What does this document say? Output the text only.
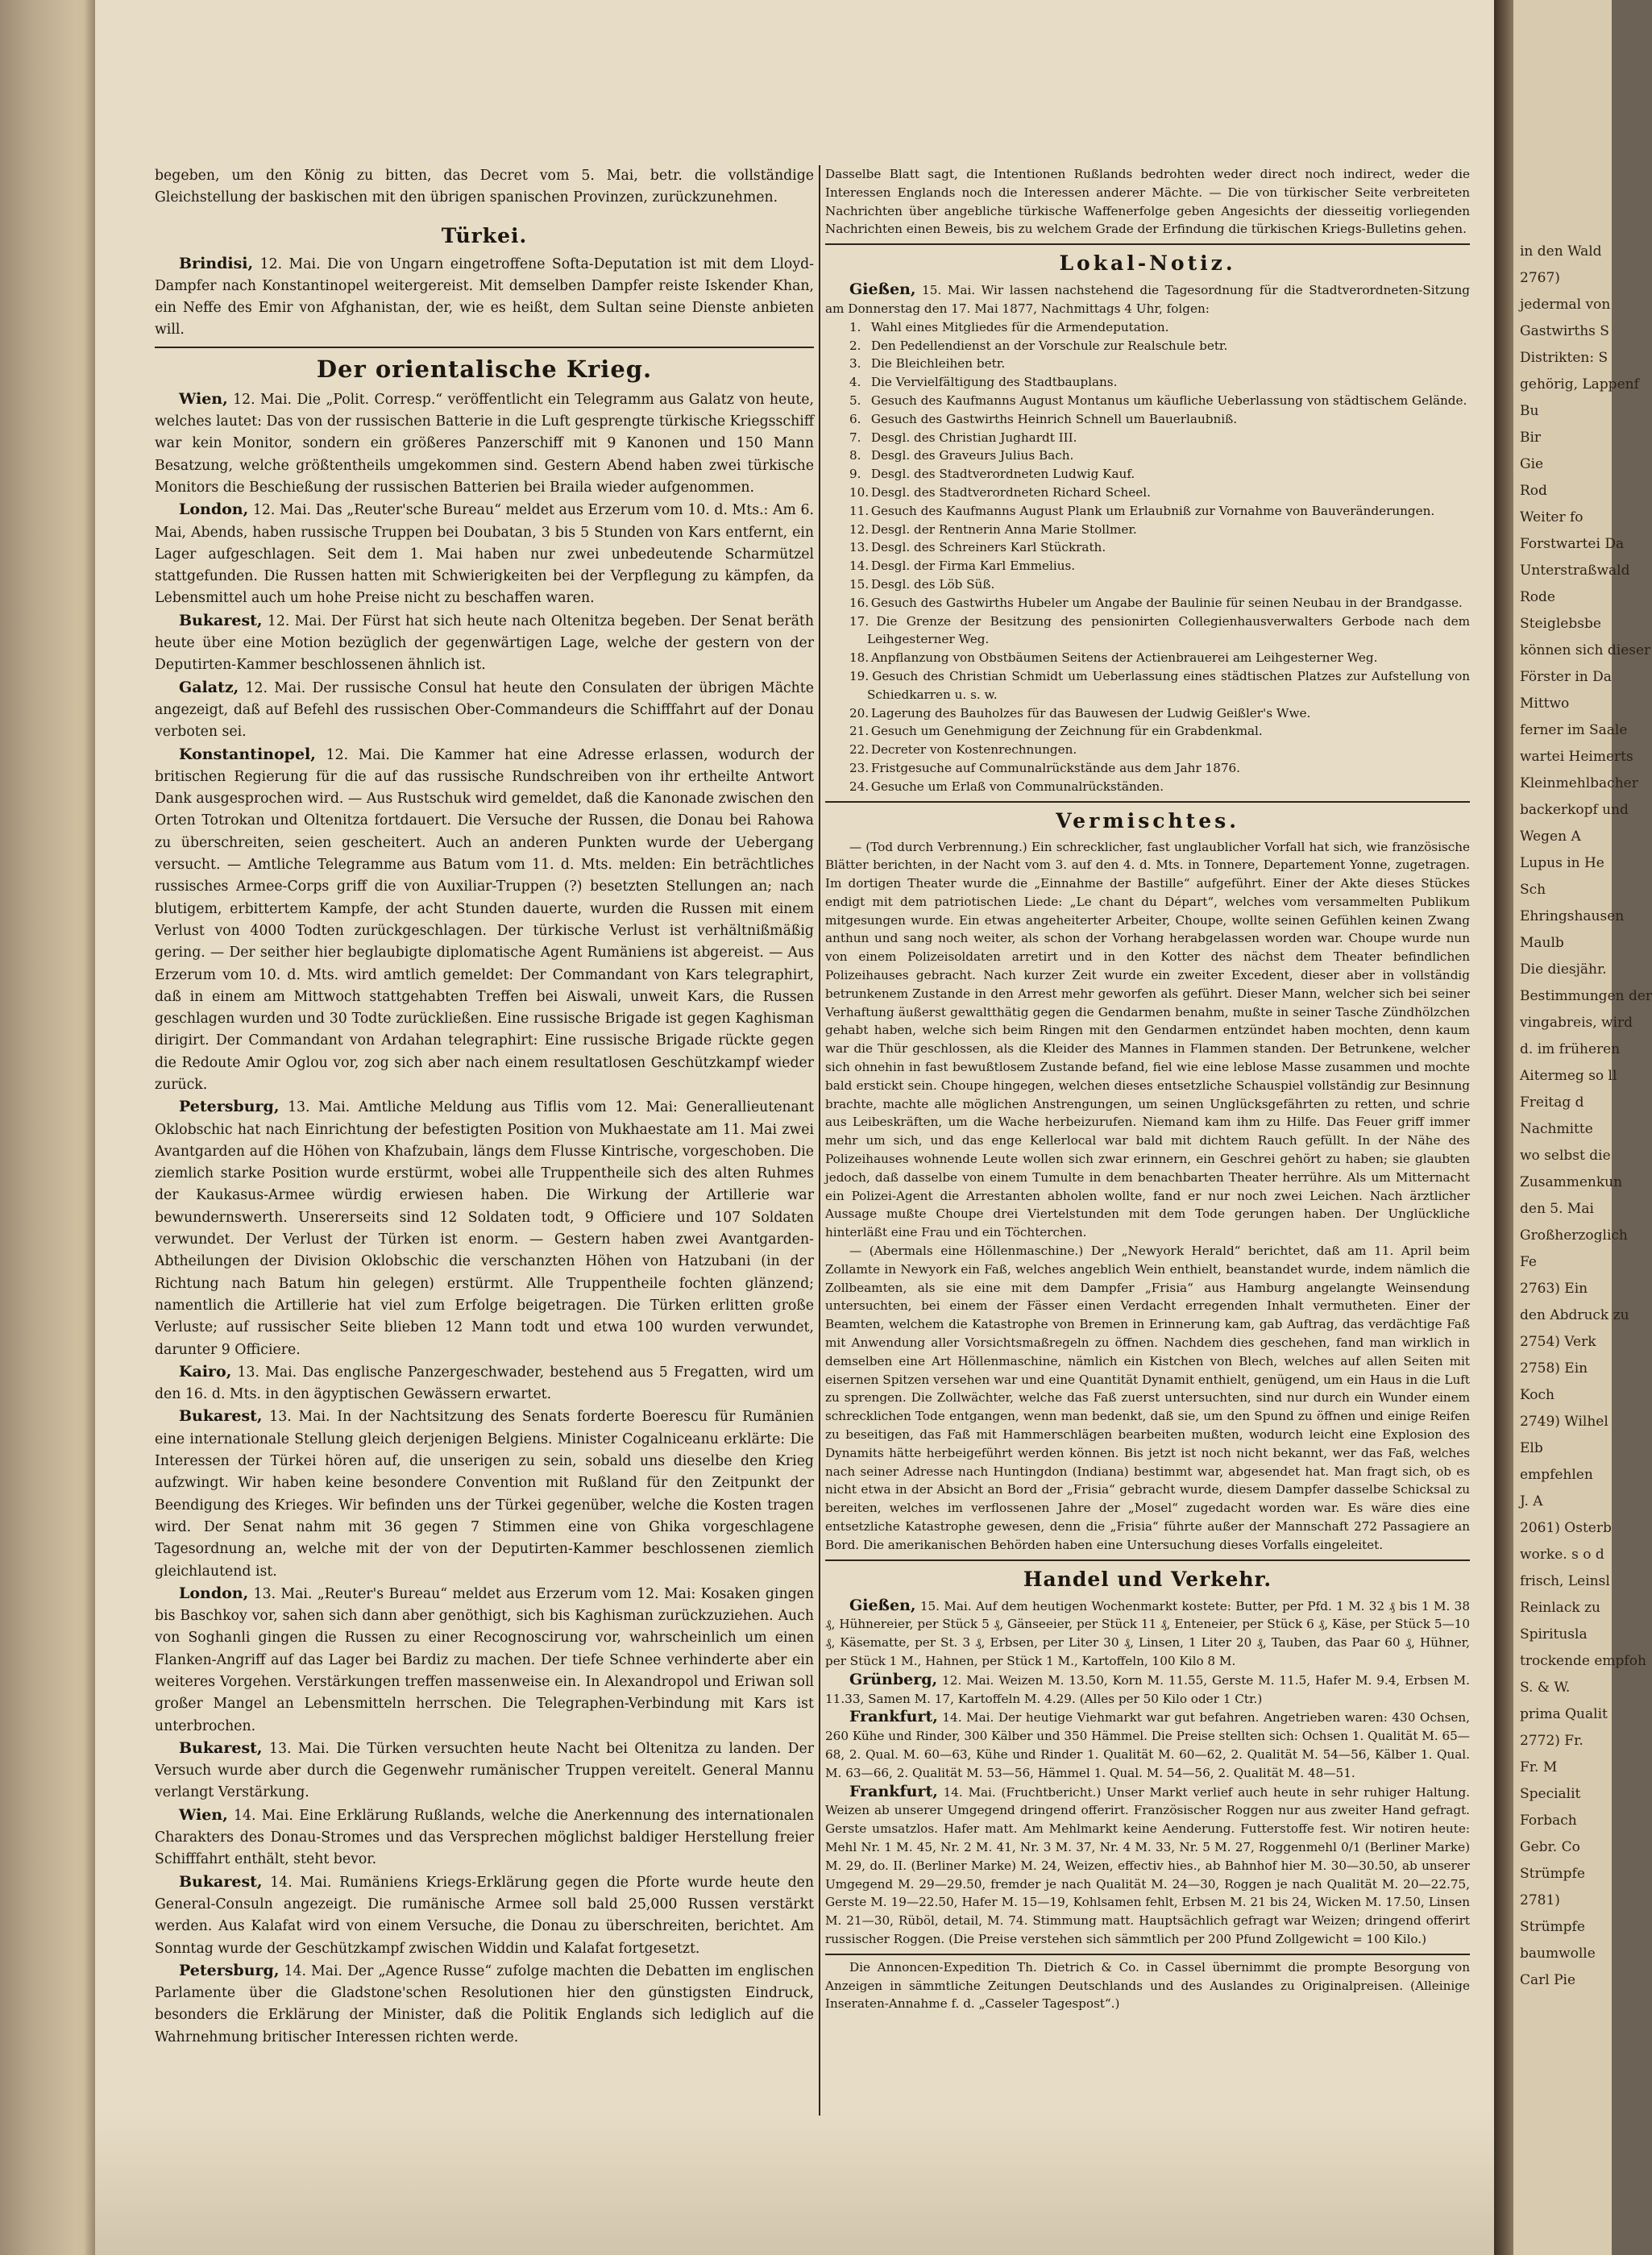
in den Wald
2767)
jedermal von
Gastwirths S
Distrikten: S
gehörig, Lappenf
Bu
Bir
Gie
Rod
Weiter fo
Forstwartei Da
Unterstraßwald
Rode
Steiglebsbe
können sich dieser
Förster in Da
Mittwo
ferner im Saale
wartei Heimerts
Kleinmehlbacher
backerkopf und
Wegen A
Lupus in He
Sch
Ehringshausen
Maulb
Die diesjähr.
Bestimmungen der
vingabreis, wird
d. im früheren
Aitermeg so ll
Freitag d
Nachmitte
wo selbst die
Zusammenkun
den 5. Mai
Großherzoglich
Fe
2763) Ein
den Abdruck zu
2754) Verk
2758) Ein
Koch
2749) Wilhel
Elb
empfehlen
J. A
2061) Osterb
worke. s o d
frisch, Leinsl
Reinlack zu
Spiritusla
trockende empfoh
S. & W.
prima Qualit
2772) Fr.
Fr. M
Specialit
Forbach
Gebr. Co
Strümpfe
2781)
Strümpfe
baumwolle
Carl Pie

begeben, um den König zu bitten, das Decret vom 5. Mai, betr. die vollständige Gleichstellung der baskischen mit den übrigen spanischen Provinzen, zurückzunehmen.

Türkei.

Brindisi, 12. Mai. Die von Ungarn eingetroffene Softa-Deputation ist mit dem Lloyd-Dampfer nach Konstantinopel weitergereist. Mit demselben Dampfer reiste Iskender Khan, ein Neffe des Emir von Afghanistan, der, wie es heißt, dem Sultan seine Dienste anbieten will.

Der orientalische Krieg.

Wien, 12. Mai. Die „Polit. Corresp.“ veröffentlicht ein Telegramm aus Galatz von heute, welches lautet: Das von der russischen Batterie in die Luft gesprengte türkische Kriegsschiff war kein Monitor, sondern ein größeres Panzerschiff mit 9 Kanonen und 150 Mann Besatzung, welche größtentheils umgekommen sind. Gestern Abend haben zwei türkische Monitors die Beschießung der russischen Batterien bei Braila wieder aufgenommen.

London, 12. Mai. Das „Reuter'sche Bureau“ meldet aus Erzerum vom 10. d. Mts.: Am 6. Mai, Abends, haben russische Truppen bei Doubatan, 3 bis 5 Stunden von Kars entfernt, ein Lager aufgeschlagen. Seit dem 1. Mai haben nur zwei unbedeutende Scharmützel stattgefunden. Die Russen hatten mit Schwierigkeiten bei der Verpflegung zu kämpfen, da Lebensmittel auch um hohe Preise nicht zu beschaffen waren.

Bukarest, 12. Mai. Der Fürst hat sich heute nach Oltenitza begeben. Der Senat beräth heute über eine Motion bezüglich der gegenwärtigen Lage, welche der gestern von der Deputirten-Kammer beschlossenen ähnlich ist.

Galatz, 12. Mai. Der russische Consul hat heute den Consulaten der übrigen Mächte angezeigt, daß auf Befehl des russischen Ober-Commandeurs die Schifffahrt auf der Donau verboten sei.

Konstantinopel, 12. Mai. Die Kammer hat eine Adresse erlassen, wodurch der britischen Regierung für die auf das russische Rundschreiben von ihr ertheilte Antwort Dank ausgesprochen wird. — Aus Rustschuk wird gemeldet, daß die Kanonade zwischen den Orten Totrokan und Oltenitza fortdauert. Die Versuche der Russen, die Donau bei Rahowa zu überschreiten, seien gescheitert. Auch an anderen Punkten wurde der Uebergang versucht. — Amtliche Telegramme aus Batum vom 11. d. Mts. melden: Ein beträchtliches russisches Armee-Corps griff die von Auxiliar-Truppen (?) besetzten Stellungen an; nach blutigem, erbittertem Kampfe, der acht Stunden dauerte, wurden die Russen mit einem Verlust von 4000 Todten zurückgeschlagen. Der türkische Verlust ist verhältnißmäßig gering. — Der seither hier beglaubigte diplomatische Agent Rumäniens ist abgereist. — Aus Erzerum vom 10. d. Mts. wird amtlich gemeldet: Der Commandant von Kars telegraphirt, daß in einem am Mittwoch stattgehabten Treffen bei Aiswali, unweit Kars, die Russen geschlagen wurden und 30 Todte zurückließen. Eine russische Brigade ist gegen Kaghisman dirigirt. Der Commandant von Ardahan telegraphirt: Eine russische Brigade rückte gegen die Redoute Amir Oglou vor, zog sich aber nach einem resultatlosen Geschützkampf wieder zurück.

Petersburg, 13. Mai. Amtliche Meldung aus Tiflis vom 12. Mai: Generallieutenant Oklobschic hat nach Einrichtung der befestigten Position von Mukhaestate am 11. Mai zwei Avantgarden auf die Höhen von Khafzubain, längs dem Flusse Kintrische, vorgeschoben. Die ziemlich starke Position wurde erstürmt, wobei alle Truppentheile sich des alten Ruhmes der Kaukasus-Armee würdig erwiesen haben. Die Wirkung der Artillerie war bewundernswerth. Unsererseits sind 12 Soldaten todt, 9 Officiere und 107 Soldaten verwundet. Der Verlust der Türken ist enorm. — Gestern haben zwei Avantgarden-Abtheilungen der Division Oklobschic die verschanzten Höhen von Hatzubani (in der Richtung nach Batum hin gelegen) erstürmt. Alle Truppentheile fochten glänzend; namentlich die Artillerie hat viel zum Erfolge beigetragen. Die Türken erlitten große Verluste; auf russischer Seite blieben 12 Mann todt und etwa 100 wurden verwundet, darunter 9 Officiere.

Kairo, 13. Mai. Das englische Panzergeschwader, bestehend aus 5 Fregatten, wird um den 16. d. Mts. in den ägyptischen Gewässern erwartet.

Bukarest, 13. Mai. In der Nachtsitzung des Senats forderte Boerescu für Rumänien eine internationale Stellung gleich derjenigen Belgiens. Minister Cogalniceanu erklärte: Die Interessen der Türkei hören auf, die unserigen zu sein, sobald uns dieselbe den Krieg aufzwingt. Wir haben keine besondere Convention mit Rußland für den Zeitpunkt der Beendigung des Krieges. Wir befinden uns der Türkei gegenüber, welche die Kosten tragen wird. Der Senat nahm mit 36 gegen 7 Stimmen eine von Ghika vorgeschlagene Tagesordnung an, welche mit der von der Deputirten-Kammer beschlossenen ziemlich gleichlautend ist.

London, 13. Mai. „Reuter's Bureau“ meldet aus Erzerum vom 12. Mai: Kosaken gingen bis Baschkoy vor, sahen sich dann aber genöthigt, sich bis Kaghisman zurückzuziehen. Auch von Soghanli gingen die Russen zu einer Recognoscirung vor, wahrscheinlich um einen Flanken-Angriff auf das Lager bei Bardiz zu machen. Der tiefe Schnee verhinderte aber ein weiteres Vorgehen. Verstärkungen treffen massenweise ein. In Alexandropol und Eriwan soll großer Mangel an Lebensmitteln herrschen. Die Telegraphen-Verbindung mit Kars ist unterbrochen.

Bukarest, 13. Mai. Die Türken versuchten heute Nacht bei Oltenitza zu landen. Der Versuch wurde aber durch die Gegenwehr rumänischer Truppen vereitelt. General Mannu verlangt Verstärkung.

Wien, 14. Mai. Eine Erklärung Rußlands, welche die Anerkennung des internationalen Charakters des Donau-Stromes und das Versprechen möglichst baldiger Herstellung freier Schifffahrt enthält, steht bevor.

Bukarest, 14. Mai. Rumäniens Kriegs-Erklärung gegen die Pforte wurde heute den General-Consuln angezeigt. Die rumänische Armee soll bald 25,000 Russen verstärkt werden. Aus Kalafat wird von einem Versuche, die Donau zu überschreiten, berichtet. Am Sonntag wurde der Geschützkampf zwischen Widdin und Kalafat fortgesetzt.

Petersburg, 14. Mai. Der „Agence Russe“ zufolge machten die Debatten im englischen Parlamente über die Gladstone'schen Resolutionen hier den günstigsten Eindruck, besonders die Erklärung der Minister, daß die Politik Englands sich lediglich auf die Wahrnehmung britischer Interessen richten werde.

Dasselbe Blatt sagt, die Intentionen Rußlands bedrohten weder direct noch indirect, weder die Interessen Englands noch die Interessen anderer Mächte. — Die von türkischer Seite verbreiteten Nachrichten über angebliche türkische Waffenerfolge geben Angesichts der diesseitig vorliegenden Nachrichten einen Beweis, bis zu welchem Grade der Erfindung die türkischen Kriegs-Bulletins gehen.

Lokal-Notiz.

Gießen, 15. Mai. Wir lassen nachstehend die Tagesordnung für die Stadtverordneten-Sitzung am Donnerstag den 17. Mai 1877, Nachmittags 4 Uhr, folgen:

1. Wahl eines Mitgliedes für die Armendeputation.
2. Den Pedellendienst an der Vorschule zur Realschule betr.
3. Die Bleichleihen betr.
4. Die Vervielfältigung des Stadtbauplans.
5. Gesuch des Kaufmanns August Montanus um käufliche Ueberlassung von städtischem Gelände.
6. Gesuch des Gastwirths Heinrich Schnell um Bauerlaubniß.
7. Desgl. des Christian Jughardt III.
8. Desgl. des Graveurs Julius Bach.
9. Desgl. des Stadtverordneten Ludwig Kauf.
10. Desgl. des Stadtverordneten Richard Scheel.
11. Gesuch des Kaufmanns August Plank um Erlaubniß zur Vornahme von Bauveränderungen.
12. Desgl. der Rentnerin Anna Marie Stollmer.
13. Desgl. des Schreiners Karl Stückrath.
14. Desgl. der Firma Karl Emmelius.
15. Desgl. des Löb Süß.
16. Gesuch des Gastwirths Hubeler um Angabe der Baulinie für seinen Neubau in der Brandgasse.
17. Die Grenze der Besitzung des pensionirten Collegienhausverwalters Gerbode nach dem Leihgesterner Weg.
18. Anpflanzung von Obstbäumen Seitens der Actienbrauerei am Leihgesterner Weg.
19. Gesuch des Christian Schmidt um Ueberlassung eines städtischen Platzes zur Aufstellung von Schiedkarren u. s. w.
20. Lagerung des Bauholzes für das Bauwesen der Ludwig Geißler's Wwe.
21. Gesuch um Genehmigung der Zeichnung für ein Grabdenkmal.
22. Decreter von Kostenrechnungen.
23. Fristgesuche auf Communalrückstände aus dem Jahr 1876.
24. Gesuche um Erlaß von Communalrückständen.
Vermischtes.

— (Tod durch Verbrennung.) Ein schrecklicher, fast unglaublicher Vorfall hat sich, wie französische Blätter berichten, in der Nacht vom 3. auf den 4. d. Mts. in Tonnere, Departement Yonne, zugetragen. Im dortigen Theater wurde die „Einnahme der Bastille“ aufgeführt. Einer der Akte dieses Stückes endigt mit dem patriotischen Liede: „Le chant du Départ“, welches vom versammelten Publikum mitgesungen wurde. Ein etwas angeheiterter Arbeiter, Choupe, wollte seinen Gefühlen keinen Zwang anthun und sang noch weiter, als schon der Vorhang herabgelassen worden war. Choupe wurde nun von einem Polizeisoldaten arretirt und in den Kotter des nächst dem Theater befindlichen Polizeihauses gebracht. Nach kurzer Zeit wurde ein zweiter Excedent, dieser aber in vollständig betrunkenem Zustande in den Arrest mehr geworfen als geführt. Dieser Mann, welcher sich bei seiner Verhaftung äußerst gewaltthätig gegen die Gendarmen benahm, mußte in seiner Tasche Zündhölzchen gehabt haben, welche sich beim Ringen mit den Gendarmen entzündet haben mochten, denn kaum war die Thür geschlossen, als die Kleider des Mannes in Flammen standen. Der Betrunkene, welcher sich ohnehin in fast bewußtlosem Zustande befand, fiel wie eine leblose Masse zusammen und mochte bald erstickt sein. Choupe hingegen, welchen dieses entsetzliche Schauspiel vollständig zur Besinnung brachte, machte alle möglichen Anstrengungen, um seinen Unglücksgefährten zu retten, und schrie aus Leibeskräften, um die Wache herbeizurufen. Niemand kam ihm zu Hilfe. Das Feuer griff immer mehr um sich, und das enge Kellerlocal war bald mit dichtem Rauch gefüllt. In der Nähe des Polizeihauses wohnende Leute wollen sich zwar erinnern, ein Geschrei gehört zu haben; sie glaubten jedoch, daß dasselbe von einem Tumulte in dem benachbarten Theater herrühre. Als um Mitternacht ein Polizei-Agent die Arrestanten abholen wollte, fand er nur noch zwei Leichen. Nach ärztlicher Aussage mußte Choupe drei Viertelstunden mit dem Tode gerungen haben. Der Unglückliche hinterläßt eine Frau und ein Töchterchen.

— (Abermals eine Höllenmaschine.) Der „Newyork Herald“ berichtet, daß am 11. April beim Zollamte in Newyork ein Faß, welches angeblich Wein enthielt, beanstandet wurde, indem nämlich die Zollbeamten, als sie eine mit dem Dampfer „Frisia“ aus Hamburg angelangte Weinsendung untersuchten, bei einem der Fässer einen Verdacht erregenden Inhalt vermutheten. Einer der Beamten, welchem die Katastrophe von Bremen in Erinnerung kam, gab Auftrag, das verdächtige Faß mit Anwendung aller Vorsichtsmaßregeln zu öffnen. Nachdem dies geschehen, fand man wirklich in demselben eine Art Höllenmaschine, nämlich ein Kistchen von Blech, welches auf allen Seiten mit eisernen Spitzen versehen war und eine Quantität Dynamit enthielt, genügend, um ein Haus in die Luft zu sprengen. Die Zollwächter, welche das Faß zuerst untersuchten, sind nur durch ein Wunder einem schrecklichen Tode entgangen, wenn man bedenkt, daß sie, um den Spund zu öffnen und einige Reifen zu beseitigen, das Faß mit Hammerschlägen bearbeiten mußten, wodurch leicht eine Explosion des Dynamits hätte herbeigeführt werden können. Bis jetzt ist noch nicht bekannt, wer das Faß, welches nach seiner Adresse nach Huntingdon (Indiana) bestimmt war, abgesendet hat. Man fragt sich, ob es nicht etwa in der Absicht an Bord der „Frisia“ gebracht wurde, diesem Dampfer dasselbe Schicksal zu bereiten, welches im verflossenen Jahre der „Mosel“ zugedacht worden war. Es wäre dies eine entsetzliche Katastrophe gewesen, denn die „Frisia“ führte außer der Mannschaft 272 Passagiere an Bord. Die amerikanischen Behörden haben eine Untersuchung dieses Vorfalls eingeleitet.

Handel und Verkehr.

Gießen, 15. Mai. Auf dem heutigen Wochenmarkt kostete: Butter, per Pfd. 1 M. 32 ₰ bis 1 M. 38 ₰, Hühnereier, per Stück 5 ₰, Gänseeier, per Stück 11 ₰, Enteneier, per Stück 6 ₰, Käse, per Stück 5—10 ₰, Käsematte, per St. 3 ₰, Erbsen, per Liter 30 ₰, Linsen, 1 Liter 20 ₰, Tauben, das Paar 60 ₰, Hühner, per Stück 1 M., Hahnen, per Stück 1 M., Kartoffeln, 100 Kilo 8 M.

Grünberg, 12. Mai. Weizen M. 13.50, Korn M. 11.55, Gerste M. 11.5, Hafer M. 9.4, Erbsen M. 11.33, Samen M. 17, Kartoffeln M. 4.29. (Alles per 50 Kilo oder 1 Ctr.)

Frankfurt, 14. Mai. Der heutige Viehmarkt war gut befahren. Angetrieben waren: 430 Ochsen, 260 Kühe und Rinder, 300 Kälber und 350 Hämmel. Die Preise stellten sich: Ochsen 1. Qualität M. 65—68, 2. Qual. M. 60—63, Kühe und Rinder 1. Qualität M. 60—62, 2. Qualität M. 54—56, Kälber 1. Qual. M. 63—66, 2. Qualität M. 53—56, Hämmel 1. Qual. M. 54—56, 2. Qualität M. 48—51.

Frankfurt, 14. Mai. (Fruchtbericht.) Unser Markt verlief auch heute in sehr ruhiger Haltung. Weizen ab unserer Umgegend dringend offerirt. Französischer Roggen nur aus zweiter Hand gefragt. Gerste umsatzlos. Hafer matt. Am Mehlmarkt keine Aenderung. Futterstoffe fest. Wir notiren heute: Mehl Nr. 1 M. 45, Nr. 2 M. 41, Nr. 3 M. 37, Nr. 4 M. 33, Nr. 5 M. 27, Roggenmehl 0/1 (Berliner Marke) M. 29, do. II. (Berliner Marke) M. 24, Weizen, effectiv hies., ab Bahnhof hier M. 30—30.50, ab unserer Umgegend M. 29—29.50, fremder je nach Qualität M. 24—30, Roggen je nach Qualität M. 20—22.75, Gerste M. 19—22.50, Hafer M. 15—19, Kohlsamen fehlt, Erbsen M. 21 bis 24, Wicken M. 17.50, Linsen M. 21—30, Rüböl, detail, M. 74. Stimmung matt. Hauptsächlich gefragt war Weizen; dringend offerirt russischer Roggen. (Die Preise verstehen sich sämmtlich per 200 Pfund Zollgewicht = 100 Kilo.)

Die Annoncen-Expedition Th. Dietrich & Co. in Cassel übernimmt die prompte Besorgung von Anzeigen in sämmtliche Zeitungen Deutschlands und des Auslandes zu Originalpreisen. (Alleinige Inseraten-Annahme f. d. „Casseler Tagespost“.)
